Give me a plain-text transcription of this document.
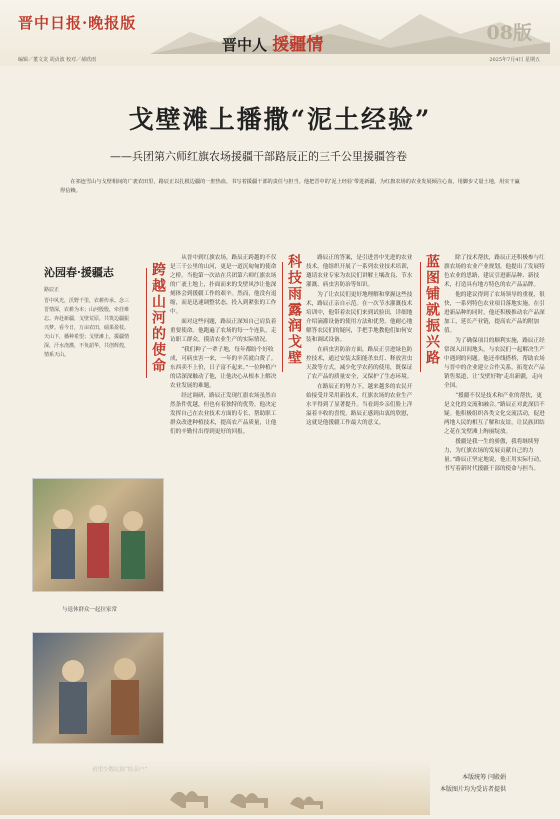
晋中日报·晚报版
晋中人 援疆情
08版
编辑／董文龙 胡贞波 校对／郝欣雨	2025年7月4日 星期五
戈壁滩上播撒“泥土经验”
——兵团第六师红旗农场援疆干部路辰正的三千公里援疆答卷
在祁连雪山与戈壁相间的广袤农田里，路辰正以扎根边疆的一腔热血，书写着援疆干部的责任与担当。他把晋中的‘泥土经验’带进新疆，为红旗农场的农业发展倾注心血，用脚步丈量土地，用实干赢得信赖。
沁园春·援疆志
路辰正
晋中风光，沃野千里，农耕传承。念三晋情深，农耕为本；山河殷殷，牵挂难忘。奔赴新疆，戈壁荒原，共筑边疆振兴梦。看今日，万亩农田，硕果盈枝。天山下，播种希望；戈壁滩上，援疆情深，汗水浇灌，不负韶华，共创辉煌，情系天山。
与退休群众一起拉家常
跨越山河的使命

从晋中到红旗农场，路辰正跨越的不仅是三千公里的山河，更是一道沉甸甸的使命之桥。当他第一次站在兵团第六师红旗农场的广袤土地上，扑面而来的戈壁风沙让他深刻体会到援疆工作的艰辛。然而，他没有退缩，而是迅速调整状态，投入到紧张的工作中。

面对这些问题，路辰正深知自己肩负着重要使命。他跑遍了农场的每一个连队，走访职工群众，摸清农业生产的实际情况。

“我们种了一辈子地，每年都盼个好收成，可病虫害一来，一年的辛苦就白费了。东西卖不上价，日子富不起来。”一位种植户的话深深触动了他，让他决心从根本上解决农业发展的难题。

经过调研，路辰正发现红旗农场虽然自然条件优越，但也有着独特的优势。他决定发挥自己在农业技术方面的专长，帮助职工群众改进种植技术，提高农产品质量，让他们的辛勤付出得到更好的回报。

科技雨露润戈壁	路辰正的答案，是引进晋中先进的农业技术。他组织开展了一系列农业技术培训，邀请农业专家为农民们讲解土壤改良、节水灌溉、病虫害防治等知识。

为了让农民们更好地理解和掌握这些技术，路辰正亲自示范。在一次节水灌溉技术培训中，他带着农民们来到试验田，详细地介绍滴灌设备的使用方法和优势。他耐心地解答农民们的疑问，手把手地教他们如何安装和调试设备。

在病虫害防治方面，路辰正引进绿色防控技术，通过安装太阳能杀虫灯、释放害虫天敌等方式，减少化学农药的使用，既保证了农产品的质量安全，又保护了生态环境。

在路辰正的努力下，越来越多的农民开始接受并采用新技术，红旗农场的农业生产水平得到了显著提升。当看到乡亲们脸上洋溢着丰收的喜悦，路辰正感到由衷的欣慰，这就是他援疆工作最大的意义。

蓝图铺就振兴路	除了技术帮扶，路辰正还积极参与红旗农场的农业产业规划。他提出了发展特色农业的思路，建议引进新品种、新技术，打造具有地方特色的农产品品牌。

他的建议得到了农场领导的重视，很快，一系列特色农业项目落地实施。在引进新品种的同时，他还积极推动农产品深加工，延长产业链，提高农产品的附加值。

为了确保项目的顺利实施，路辰正经常深入田间地头，与农民们一起解决生产中遇到的问题。他还牵线搭桥，帮助农场与晋中的企业建立合作关系，拓宽农产品销售渠道，让‘戈壁好物’走出新疆，走向全国。

“援疆不仅是技术和产业的帮扶，更是文化的交流和融合。”路辰正对此深信不疑。他积极组织各类文化交流活动，促进两地人民的相互了解和友谊，让民族团结之花在戈壁滩上绚丽绽放。

援疆是我一生的骄傲，我将继续努力，为红旗农场的发展贡献自己的力量。”路辰正坚定地说，他正用实际行动，书写着新时代援疆干部的使命与担当。

本版统筹 闫殿娟
本版图片均为受访者提供
